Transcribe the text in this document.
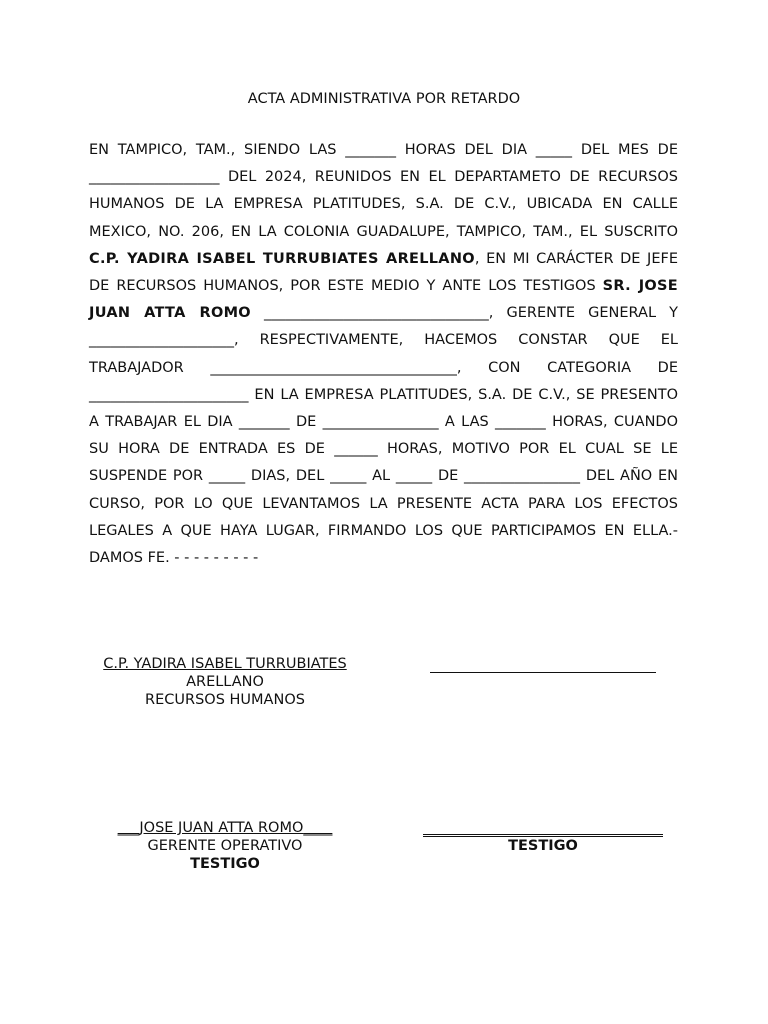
ACTA ADMINISTRATIVA POR RETARDO
EN TAMPICO, TAM., SIENDO LAS _______ HORAS DEL DIA _____ DEL MES DE __________________ DEL 2024, REUNIDOS EN EL DEPARTAMETO DE RECURSOS HUMANOS DE LA EMPRESA PLATITUDES, S.A. DE C.V., UBICADA EN CALLE MEXICO, NO. 206, EN LA COLONIA GUADALUPE, TAMPICO, TAM., EL SUSCRITO C.P. YADIRA ISABEL TURRUBIATES ARELLANO, EN MI CARÁCTER DE JEFE DE RECURSOS HUMANOS, POR ESTE MEDIO Y ANTE LOS TESTIGOS SR. JOSE JUAN ATTA ROMO _______________________________, GERENTE GENERAL Y ____________________, RESPECTIVAMENTE, HACEMOS CONSTAR QUE EL TRABAJADOR __________________________________, CON CATEGORIA DE ______________________ EN LA EMPRESA PLATITUDES, S.A. DE C.V., SE PRESENTO A TRABAJAR EL DIA _______ DE ________________ A LAS _______ HORAS, CUANDO SU HORA DE ENTRADA ES DE ______ HORAS, MOTIVO POR EL CUAL SE LE SUSPENDE POR _____ DIAS, DEL _____ AL _____ DE ________________ DEL AÑO EN CURSO, POR LO QUE LEVANTAMOS LA PRESENTE ACTA PARA LOS EFECTOS LEGALES A QUE HAYA LUGAR, FIRMANDO LOS QUE PARTICIPAMOS EN ELLA.- DAMOS FE. - - - - - - - - -
C.P. YADIRA ISABEL TURRUBIATES
ARELLANO
RECURSOS HUMANOS
___JOSE JUAN ATTA ROMO____
GERENTE OPERATIVO
TESTIGO
TESTIGO
